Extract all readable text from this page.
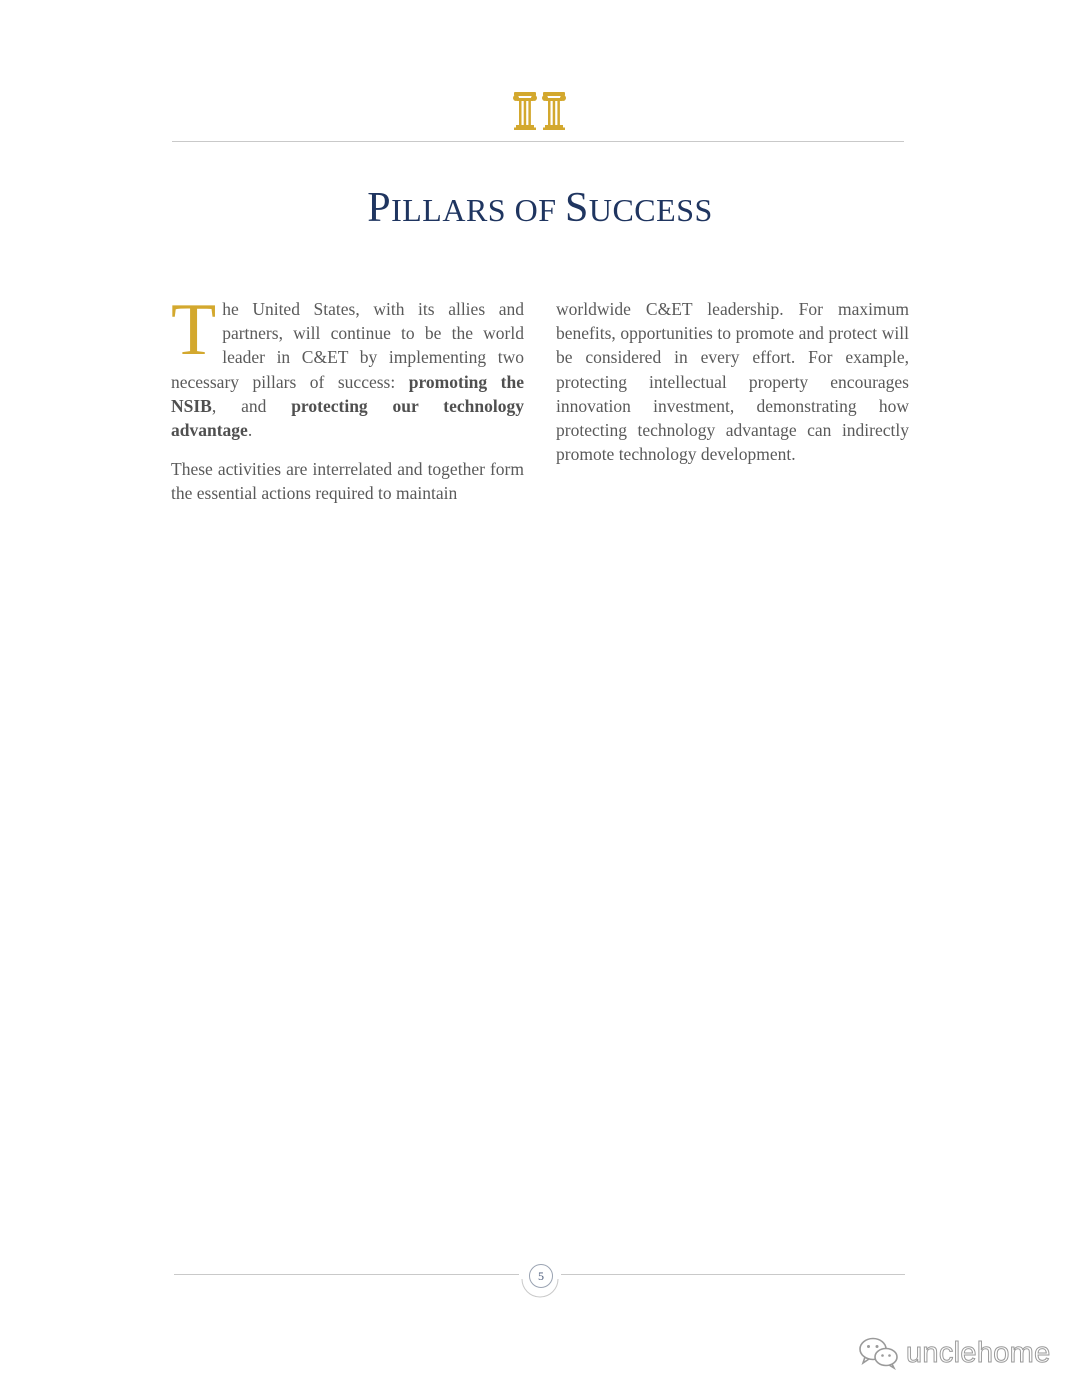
PILLARS OF SUCCESS

The United States, with its allies and partners, will continue to be the world leader in C&ET by implementing two necessary pillars of success: promoting the NSIB, and protecting our technology advantage.

These activities are interrelated and together form the essential actions required to maintain

worldwide C&ET leadership. For maximum benefits, opportunities to promote and protect will be considered in every effort. For example, protecting intellectual property encourages innovation investment, demonstrating how protecting technology advantage can indirectly promote technology development.

5
unclehome
